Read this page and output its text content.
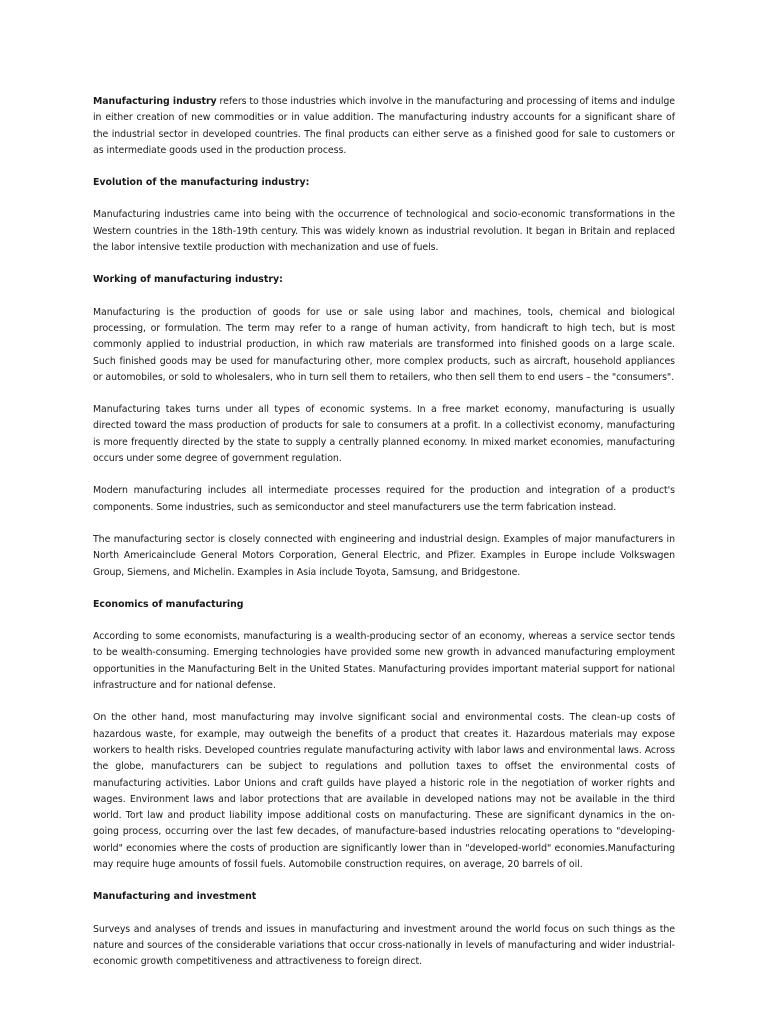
Manufacturing industry refers to those industries which involve in the manufacturing and processing of items and indulge in either creation of new commodities or in value addition. The manufacturing industry accounts for a significant share of the industrial sector in developed countries. The final products can either serve as a finished good for sale to customers or as intermediate goods used in the production process.

Evolution of the manufacturing industry:

Manufacturing industries came into being with the occurrence of technological and socio-economic transformations in the Western countries in the 18th-19th century. This was widely known as industrial revolution. It began in Britain and replaced the labor intensive textile production with mechanization and use of fuels.

Working of manufacturing industry:

Manufacturing is the production of goods for use or sale using labor and machines, tools, chemical and biological processing, or formulation. The term may refer to a range of human activity, from handicraft to high tech, but is most commonly applied to industrial production, in which raw materials are transformed into finished goods on a large scale. Such finished goods may be used for manufacturing other, more complex products, such as aircraft, household appliances or automobiles, or sold to wholesalers, who in turn sell them to retailers, who then sell them to end users – the "consumers".

Manufacturing takes turns under all types of economic systems. In a free market economy, manufacturing is usually directed toward the mass production of products for sale to consumers at a profit. In a collectivist economy, manufacturing is more frequently directed by the state to supply a centrally planned economy. In mixed market economies, manufacturing occurs under some degree of government regulation.

Modern manufacturing includes all intermediate processes required for the production and integration of a product's components. Some industries, such as semiconductor and steel manufacturers use the term fabrication instead.

The manufacturing sector is closely connected with engineering and industrial design. Examples of major manufacturers in North Americainclude General Motors Corporation, General Electric, and Pfizer. Examples in Europe include Volkswagen Group, Siemens, and Michelin. Examples in Asia include Toyota, Samsung, and Bridgestone.

Economics of manufacturing

According to some economists, manufacturing is a wealth-producing sector of an economy, whereas a service sector tends to be wealth-consuming. Emerging technologies have provided some new growth in advanced manufacturing employment opportunities in the Manufacturing Belt in the United States. Manufacturing provides important material support for national infrastructure and for national defense.

On the other hand, most manufacturing may involve significant social and environmental costs. The clean-up costs of hazardous waste, for example, may outweigh the benefits of a product that creates it. Hazardous materials may expose workers to health risks. Developed countries regulate manufacturing activity with labor laws and environmental laws. Across the globe, manufacturers can be subject to regulations and pollution taxes to offset the environmental costs of manufacturing activities. Labor Unions and craft guilds have played a historic role in the negotiation of worker rights and wages. Environment laws and labor protections that are available in developed nations may not be available in the third world. Tort law and product liability impose additional costs on manufacturing. These are significant dynamics in the on-going process, occurring over the last few decades, of manufacture-based industries relocating operations to "developing-world" economies where the costs of production are significantly lower than in "developed-world" economies.Manufacturing may require huge amounts of fossil fuels. Automobile construction requires, on average, 20 barrels of oil.

Manufacturing and investment

Surveys and analyses of trends and issues in manufacturing and investment around the world focus on such things as the nature and sources of the considerable variations that occur cross-nationally in levels of manufacturing and wider industrial-economic growth competitiveness and attractiveness to foreign direct.
